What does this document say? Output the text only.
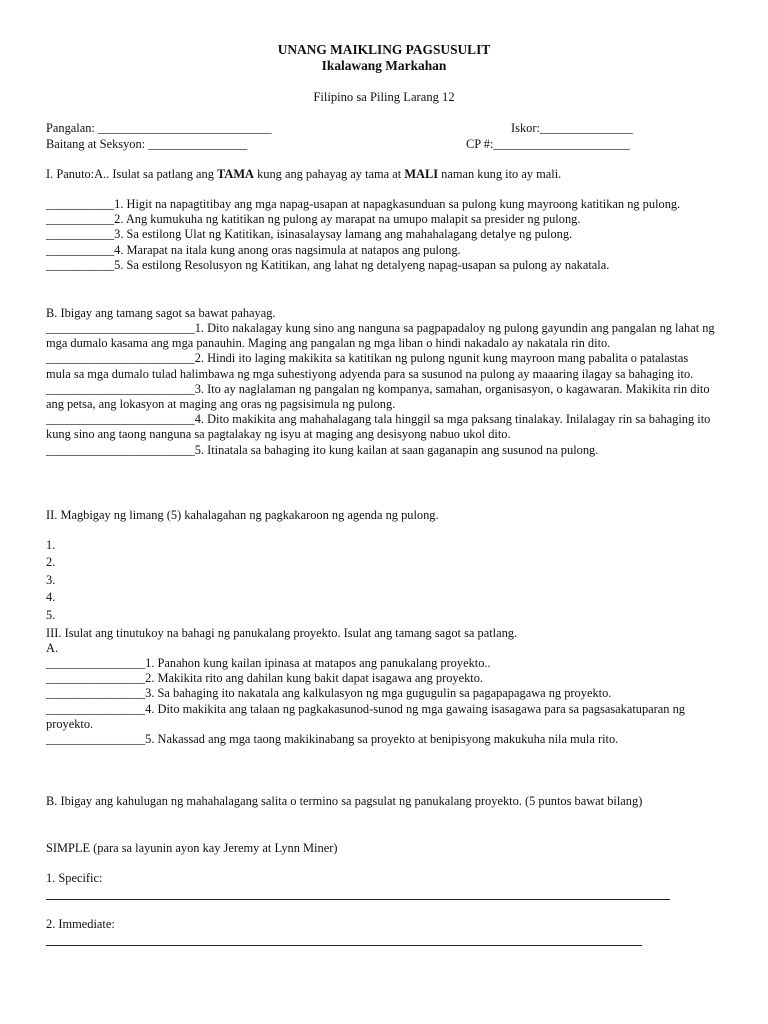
UNANG MAIKLING PAGSUSULIT
Ikalawang Markahan
Filipino sa Piling Larang 12
Pangalan: ____________________________	Iskor:_______________
Baitang at Seksyon: ________________	CP #:______________________
I. Panuto:A.. Isulat sa patlang ang TAMA kung ang pahayag ay tama at MALI naman kung ito ay mali.

___________1. Higit na napagtitibay ang mga napag-usapan at napagkasunduan sa pulong kung mayroong katitikan ng pulong.

___________2. Ang kumukuha ng katitikan ng pulong ay marapat na umupo malapit sa presider ng pulong.

___________3. Sa estilong Ulat ng Katitikan, isinasalaysay lamang ang mahahalagang detalye ng pulong.

___________4. Marapat na itala kung anong oras nagsimula at natapos ang pulong.

___________5. Sa estilong Resolusyon ng Katitikan, ang lahat ng detalyeng napag-usapan sa pulong ay nakatala.

B. Ibigay ang tamang sagot sa bawat pahayag.

________________________1. Dito nakalagay kung sino ang nanguna sa pagpapadaloy ng pulong gayundin ang pangalan ng lahat ng mga dumalo kasama ang mga panauhin. Maging ang pangalan ng mga liban o hindi nakadalo ay nakatala rin dito.

________________________2. Hindi ito laging makikita sa katitikan ng pulong ngunit kung mayroon mang pabalita o patalastas mula sa mga dumalo tulad halimbawa ng mga suhestiyong adyenda para sa susunod na pulong ay maaaring ilagay sa bahaging ito.

________________________3. Ito ay naglalaman ng pangalan ng kompanya, samahan, organisasyon, o kagawaran. Makikita rin dito ang petsa, ang lokasyon at maging ang oras ng pagsisimula ng pulong.

________________________4. Dito makikita ang mahahalagang tala hinggil sa mga paksang tinalakay. Inilalagay rin sa bahaging ito kung sino ang taong nanguna sa pagtalakay ng isyu at maging ang desisyong nabuo ukol dito.

________________________5. Itinatala sa bahaging ito kung kailan at saan gaganapin ang susunod na pulong.

II. Magbigay ng limang (5) kahalagahan ng pagkakaroon ng agenda ng pulong.
1.
2.
3.
4.
5.
III. Isulat ang tinutukoy na bahagi ng panukalang proyekto. Isulat ang tamang sagot sa patlang.
A.

________________1. Panahon kung kailan ipinasa at matapos ang panukalang proyekto..

________________2. Makikita rito ang dahilan kung bakit dapat isagawa ang proyekto.

________________3. Sa bahaging ito nakatala ang kalkulasyon ng mga gugugulin sa pagapapagawa ng proyekto.

________________4. Dito makikita ang talaan ng pagkakasunod-sunod ng mga gawaing isasagawa para sa pagsasakatuparan ng proyekto.

________________5. Nakassad ang mga taong makikinabang sa proyekto at benipisyong makukuha nila mula rito.

B. Ibigay ang kahulugan ng mahahalagang salita o termino sa pagsulat ng panukalang proyekto. (5 puntos bawat bilang)
SIMPLE (para sa layunin ayon kay Jeremy at Lynn Miner)
1. Specific:
2. Immediate:
